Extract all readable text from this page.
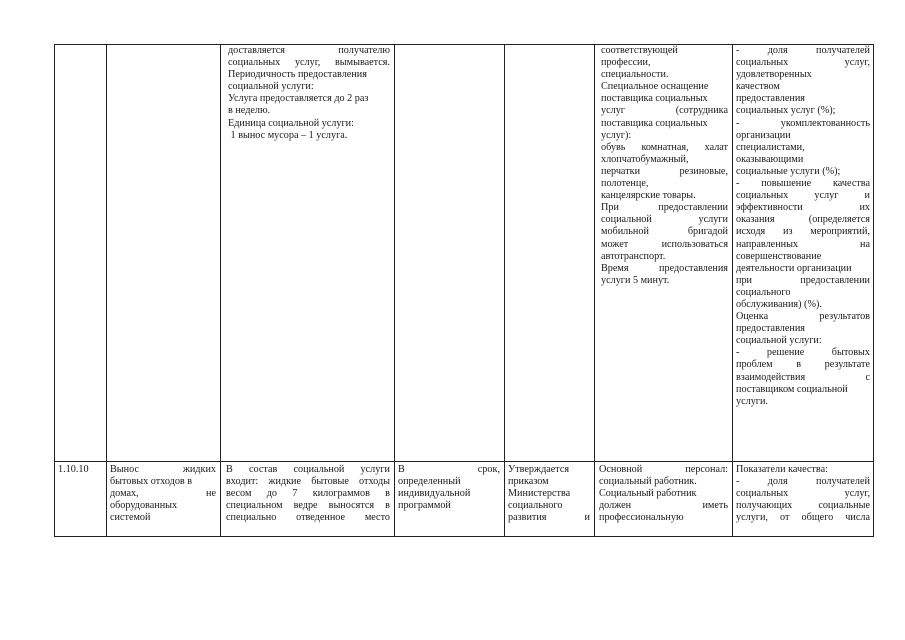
доставляется получателю
социальных услуг, вымывается.
Периодичность предоставления
социальной услуги:
Услуга предоставляется до 2 раз
в неделю.
Единица социальной услуги:
1 вынос мусора – 1 услуга.
соответствующей
профессии,
специальности.
Специальное оснащение
поставщика социальных
услуг (сотрудника
поставщика социальных
услуг):
обувь комнатная, халат
хлопчатобумажный,
перчатки резиновые,
полотенце,
канцелярские товары.
При предоставлении
социальной услуги
мобильной бригадой
может использоваться
автотранспорт.
Время предоставления
услуги 5 минут.
- доля получателей
социальных услуг,
удовлетворенных
качеством
предоставления
социальных услуг (%);
- укомплектованность
организации
специалистами,
оказывающими
социальные услуги (%);
- повышение качества
социальных услуг и
эффективности их
оказания (определяется
исходя из мероприятий,
направленных на
совершенствование
деятельности организации
при предоставлении
социального
обслуживания) (%).
Оценка результатов
предоставления
социальной услуги:
- решение бытовых
проблем в результате
взаимодействия с
поставщиком социальной
услуги.
1.10.10	Вынос жидких
бытовых отходов в
домах, не
оборудованных
системой
В состав социальной услуги
входит: жидкие бытовые отходы
весом до 7 килограммов в
специальном ведре выносятся в
специально отведенное место
В срок,
определенный
индивидуальной
программой
Утверждается
приказом
Министерства
социального
развития и
Основной персонал:
социальный работник.
Социальный работник
должен иметь
профессиональную
Показатели качества:
- доля получателей
социальных услуг,
получающих социальные
услуги, от общего числа
